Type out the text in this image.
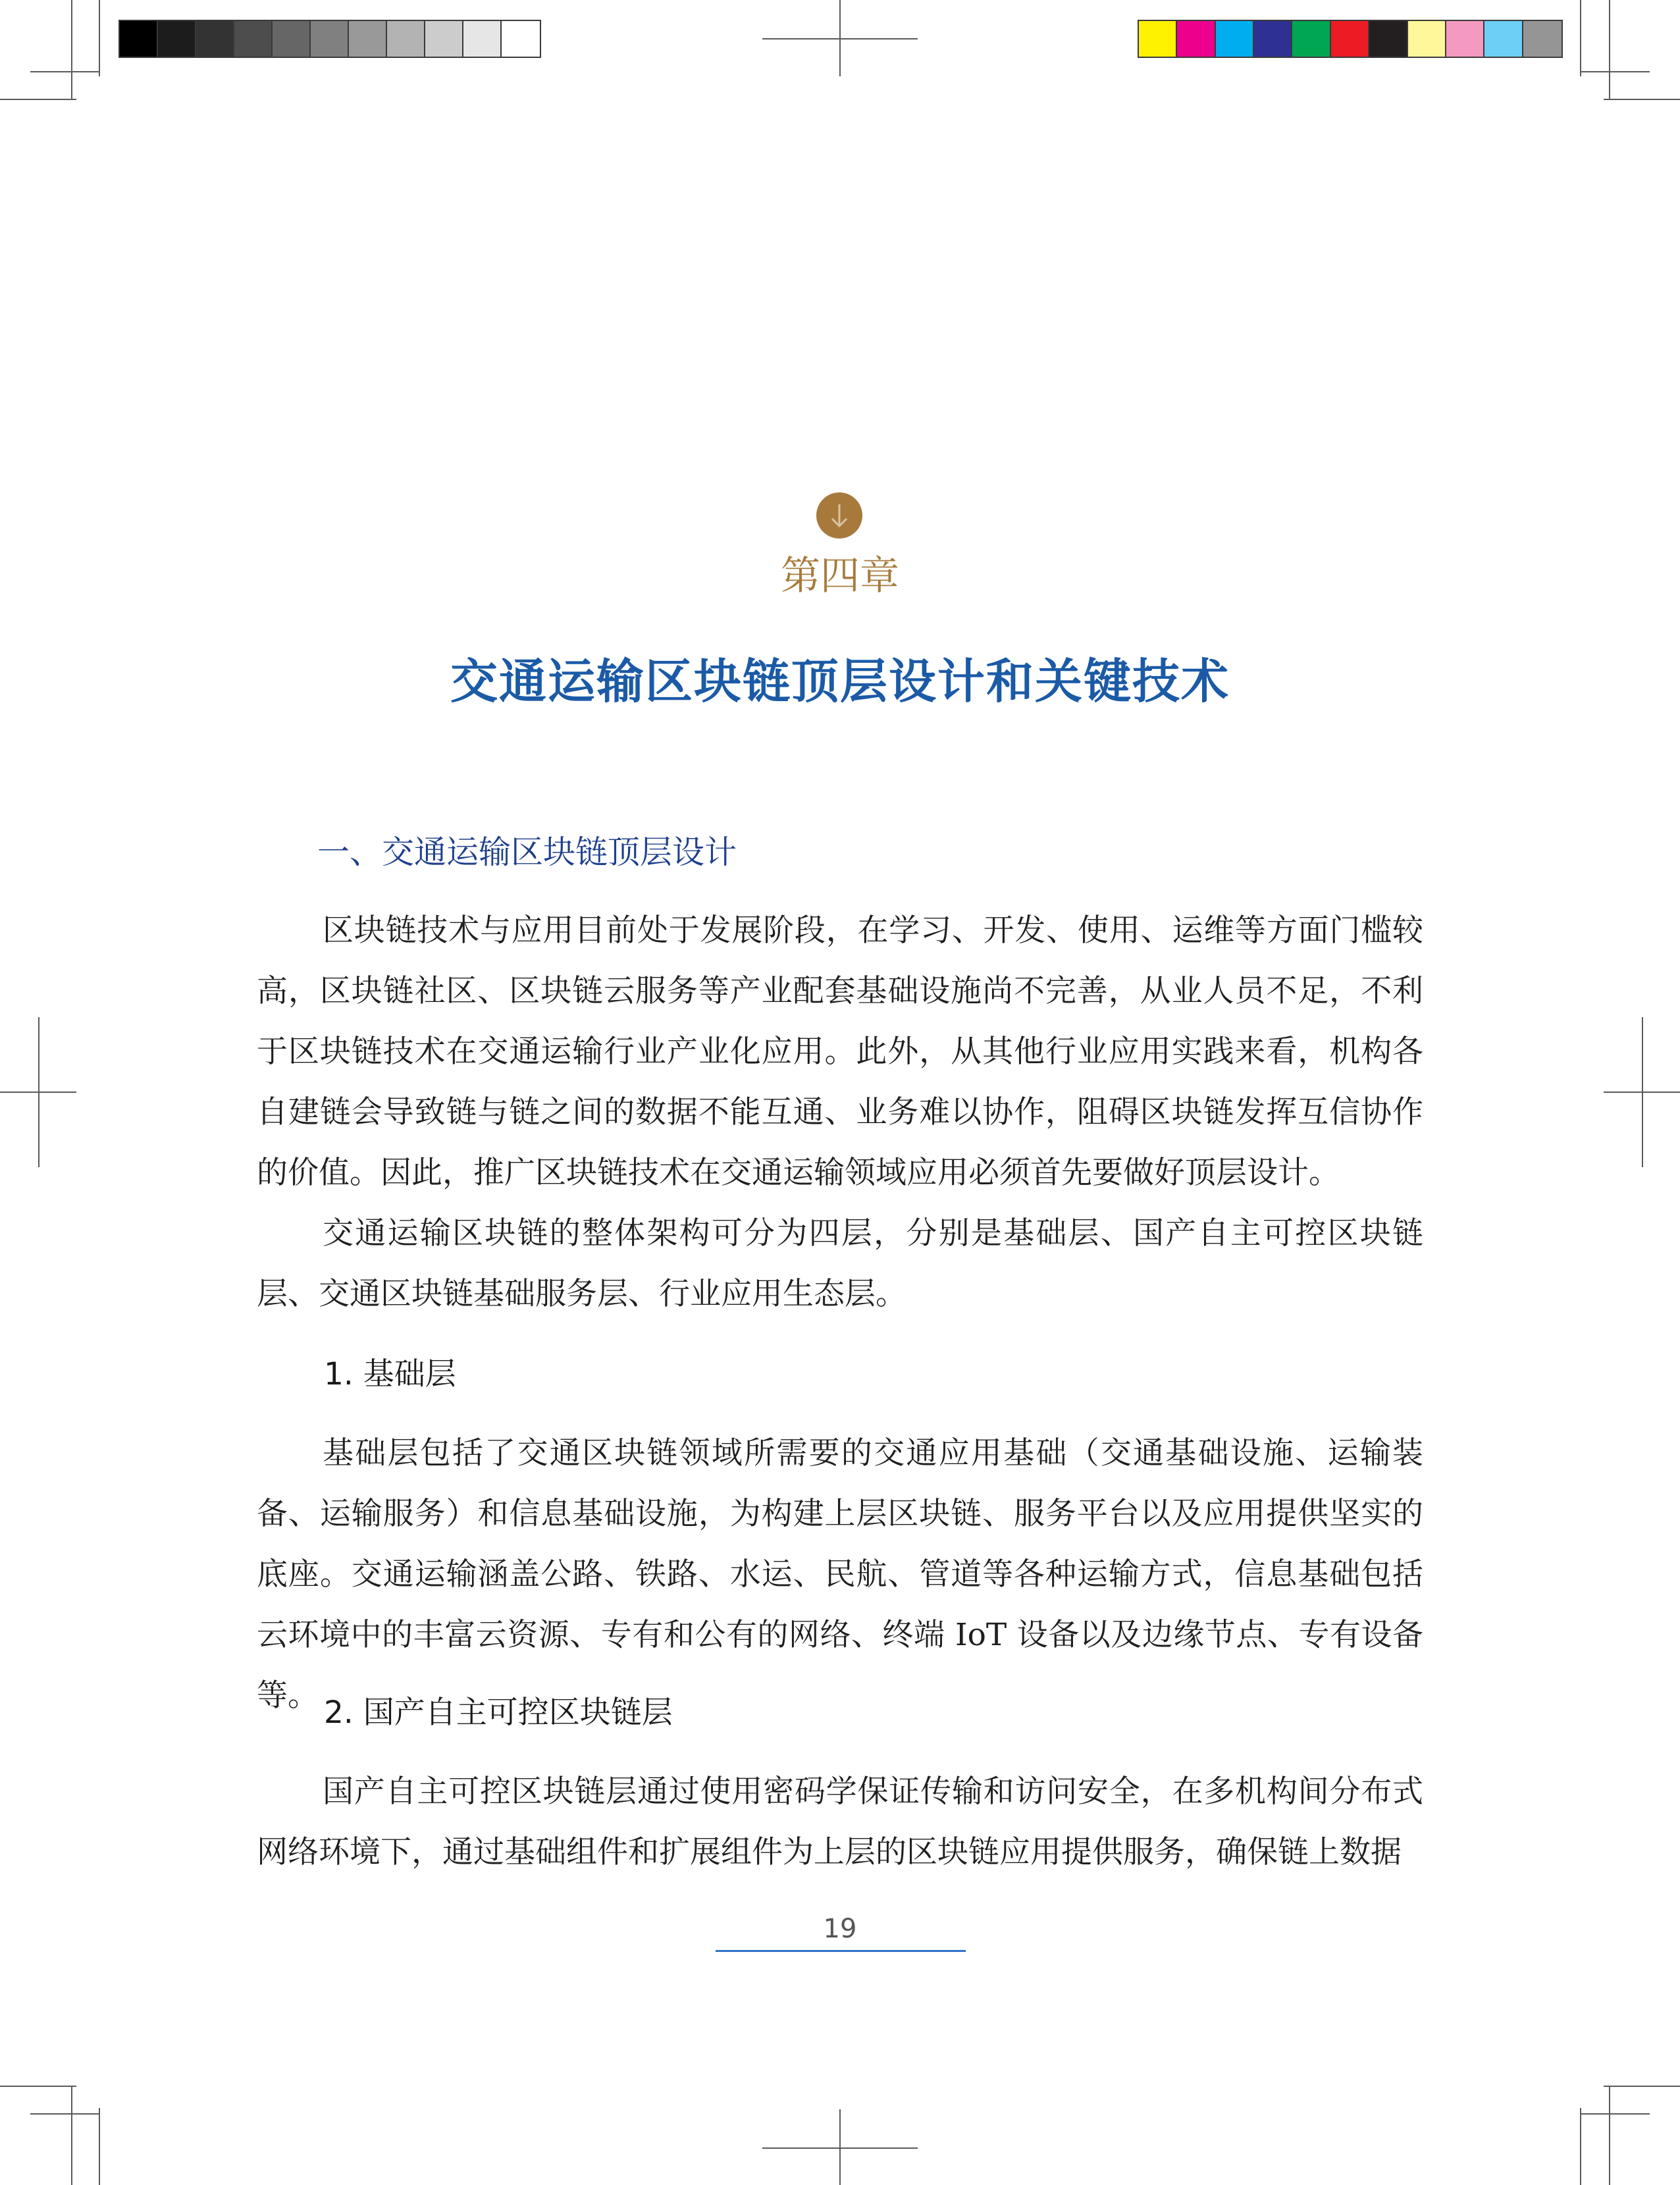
第四章
交通运输区块链顶层设计和关键技术
一、交通运输区块链顶层设计

区块链技术与应用目前处于发展阶段，在学习、开发、使用、运维等方面门槛较高，区块链社区、区块链云服务等产业配套基础设施尚不完善，从业人员不足，不利于区块链技术在交通运输行业产业化应用。此外，从其他行业应用实践来看，机构各自建链会导致链与链之间的数据不能互通、业务难以协作，阻碍区块链发挥互信协作的价值。因此，推广区块链技术在交通运输领域应用必须首先要做好顶层设计。

交通运输区块链的整体架构可分为四层，分别是基础层、国产自主可控区块链层、交通区块链基础服务层、行业应用生态层。

1. 基础层

基础层包括了交通区块链领域所需要的交通应用基础（交通基础设施、运输装备、运输服务）和信息基础设施，为构建上层区块链、服务平台以及应用提供坚实的底座。交通运输涵盖公路、铁路、水运、民航、管道等各种运输方式，信息基础包括云环境中的丰富云资源、专有和公有的网络、终端 IoT 设备以及边缘节点、专有设备等。 2. 国产自主可控区块链层

国产自主可控区块链层通过使用密码学保证传输和访问安全，在多机构间分布式网络环境下，通过基础组件和扩展组件为上层的区块链应用提供服务，确保链上数据

19
